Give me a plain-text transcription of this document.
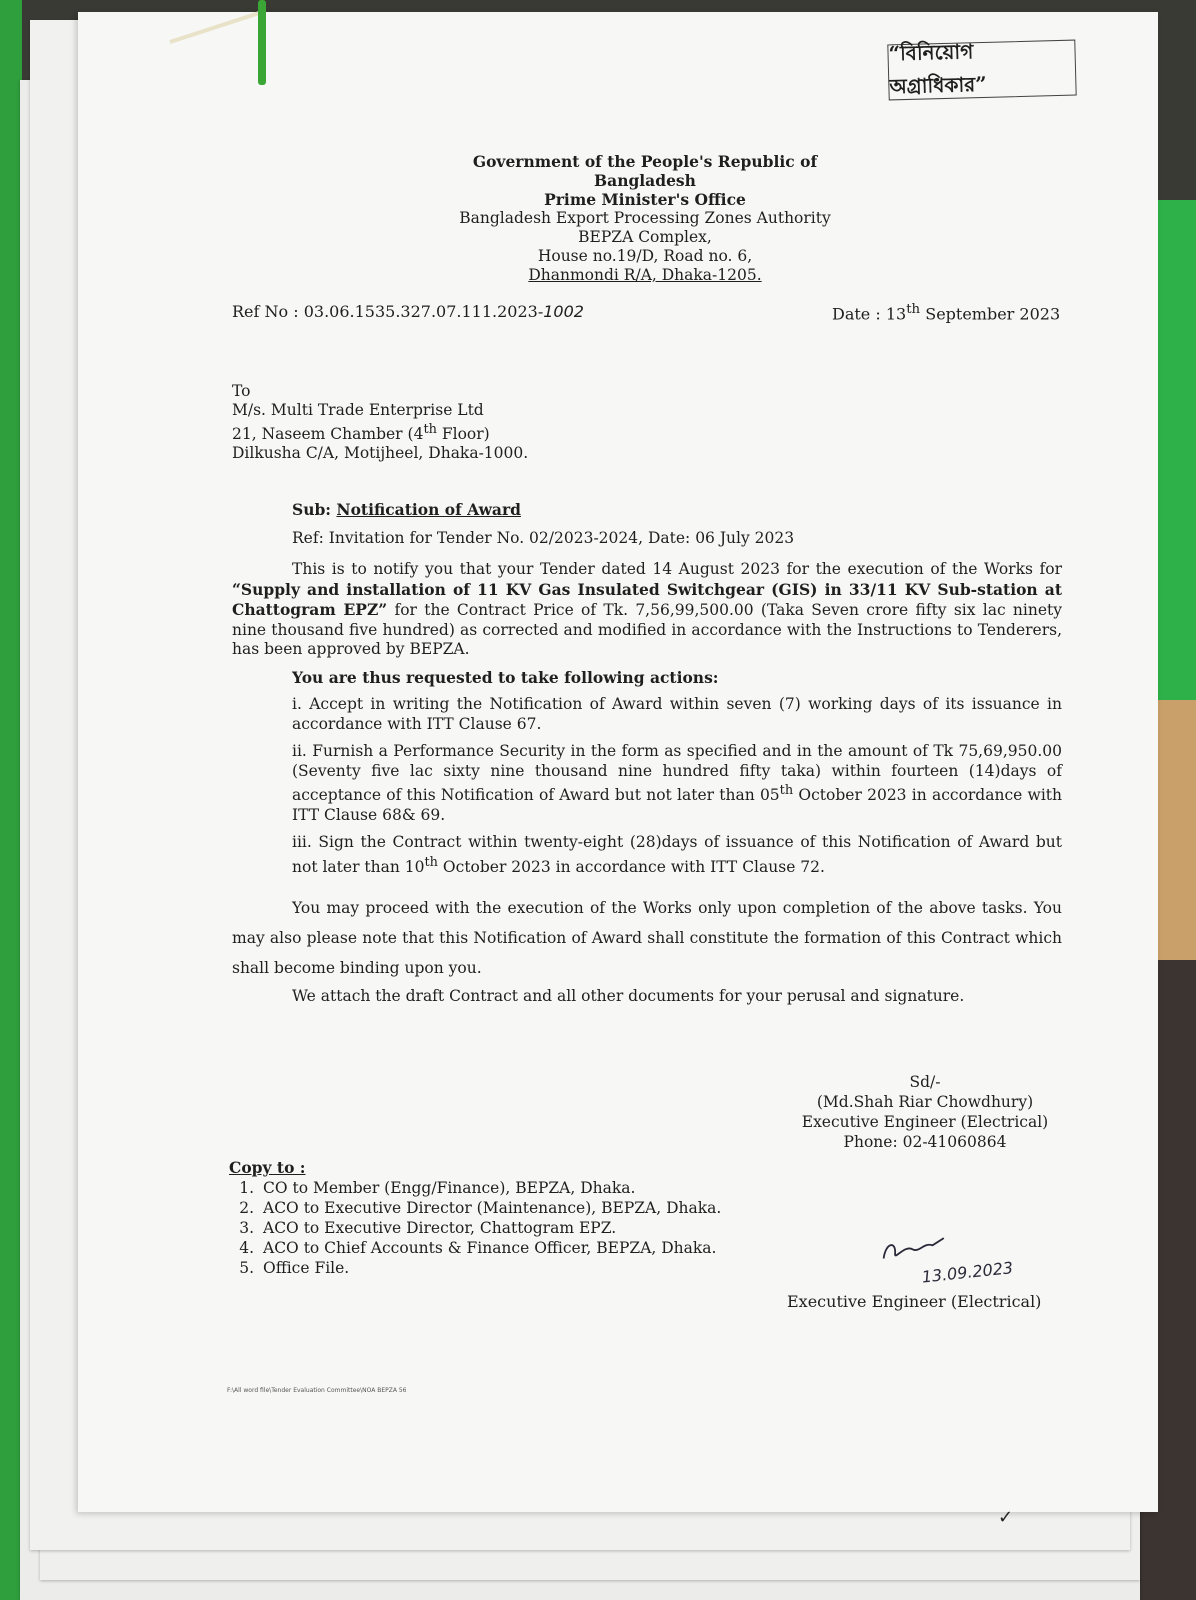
“বিনিয়োগ অগ্রাধিকার”
Government of the People's Republic of Bangladesh
Prime Minister's Office
Bangladesh Export Processing Zones Authority
BEPZA Complex,
House no.19/D, Road no. 6,
Dhanmondi R/A, Dhaka-1205.
Ref No : 03.06.1535.327.07.111.2023-1002	Date : 13th September 2023
To
M/s. Multi Trade Enterprise Ltd
21, Naseem Chamber (4th Floor)
Dilkusha C/A, Motijheel, Dhaka-1000.
Sub: Notification of Award
Ref: Invitation for Tender No. 02/2023-2024, Date: 06 July 2023
This is to notify you that your Tender dated 14 August 2023 for the execution of the Works for “Supply and installation of 11 KV Gas Insulated Switchgear (GIS) in 33/11 KV Sub-station at Chattogram EPZ” for the Contract Price of Tk. 7,56,99,500.00 (Taka Seven crore fifty six lac ninety nine thousand five hundred) as corrected and modified in accordance with the Instructions to Tenderers, has been approved by BEPZA.
You are thus requested to take following actions:
i. Accept in writing the Notification of Award within seven (7) working days of its issuance in accordance with ITT Clause 67.
ii. Furnish a Performance Security in the form as specified and in the amount of Tk 75,69,950.00 (Seventy five lac sixty nine thousand nine hundred fifty taka) within fourteen (14)days of acceptance of this Notification of Award but not later than 05th October 2023 in accordance with ITT Clause 68& 69.
iii. Sign the Contract within twenty-eight (28)days of issuance of this Notification of Award but not later than 10th October 2023 in accordance with ITT Clause 72.
You may proceed with the execution of the Works only upon completion of the above tasks. You may also please note that this Notification of Award shall constitute the formation of this Contract which shall become binding upon you.
We attach the draft Contract and all other documents for your perusal and signature.
Sd/-
(Md.Shah Riar Chowdhury)
Executive Engineer (Electrical)
Phone: 02-41060864
Copy to :
1. CO to Member (Engg/Finance), BEPZA, Dhaka.
2. ACO to Executive Director (Maintenance), BEPZA, Dhaka.
3. ACO to Executive Director, Chattogram EPZ.
4. ACO to Chief Accounts & Finance Officer, BEPZA, Dhaka.
5. Office File.	13.09.2023
Executive Engineer (Electrical)
F:\All word file\Tender Evaluation Committee\NOA BEPZA 56
✓
